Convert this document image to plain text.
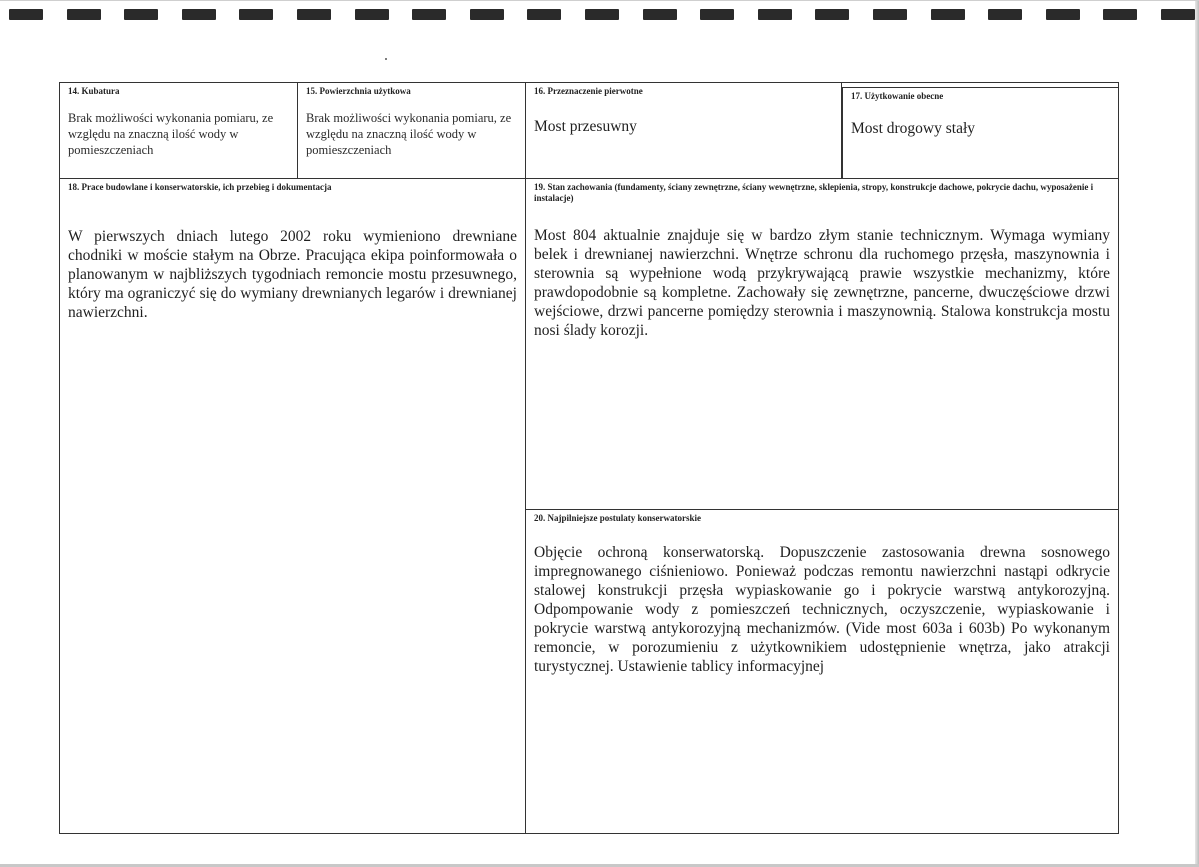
14. Kubatura
Brak możliwości wykonania pomiaru, ze względu na znaczną ilość wody w pomieszczeniach
15. Powierzchnia użytkowa
Brak możliwości wykonania pomiaru, ze względu na znaczną ilość wody w pomieszczeniach
16. Przeznaczenie pierwotne
Most przesuwny
17. Użytkowanie obecne
Most drogowy stały
18. Prace budowlane i konserwatorskie, ich przebieg i dokumentacja
W pierwszych dniach lutego 2002 roku wymieniono drewniane chodniki w moście stałym na Obrze. Pracująca ekipa poinformowała o planowanym w najbliższych tygodniach remoncie mostu przesuwnego, który ma ograniczyć się do wymiany drewnianych legarów i drewnianej nawierzchni.
19. Stan zachowania (fundamenty, ściany zewnętrzne, ściany wewnętrzne, sklepienia, stropy, konstrukcje dachowe, pokrycie dachu, wyposażenie i instalacje)
Most 804 aktualnie znajduje się w bardzo złym stanie technicznym. Wymaga wymiany belek i drewnianej nawierzchni. Wnętrze schronu dla ruchomego przęsła, maszynownia i sterownia są wypełnione wodą przykrywającą prawie wszystkie mechanizmy, które prawdopodobnie są kompletne. Zachowały się zewnętrzne, pancerne, dwuczęściowe drzwi wejściowe, drzwi pancerne pomiędzy sterownia i maszynownią. Stalowa konstrukcja mostu nosi ślady korozji.
20. Najpilniejsze postulaty konserwatorskie
Objęcie ochroną konserwatorską. Dopuszczenie zastosowania drewna sosnowego impregnowanego ciśnieniowo. Ponieważ podczas remontu nawierzchni nastąpi odkrycie stalowej konstrukcji przęsła wypiaskowanie go i pokrycie warstwą antykorozyjną. Odpompowanie wody z pomieszczeń technicznych, oczyszczenie, wypiaskowanie i pokrycie warstwą antykorozyjną mechanizmów. (Vide most 603a i 603b) Po wykonanym remoncie, w porozumieniu z użytkownikiem udostępnienie wnętrza, jako atrakcji turystycznej. Ustawienie tablicy informacyjnej
